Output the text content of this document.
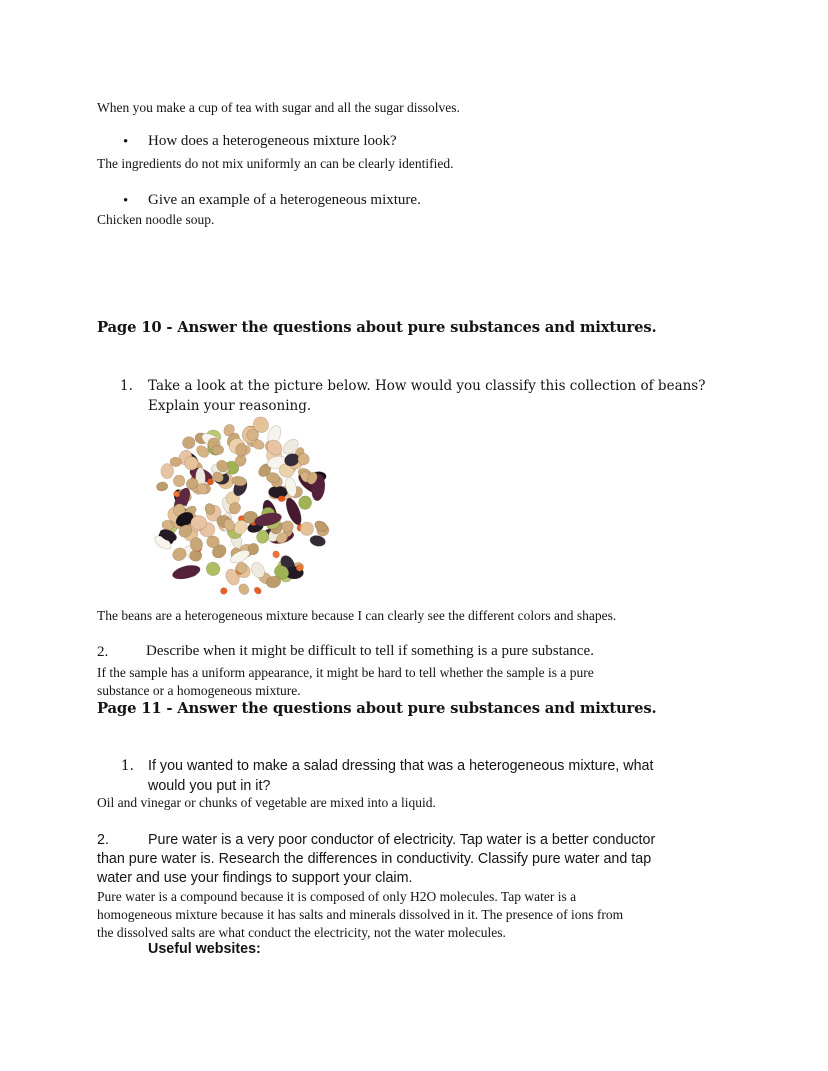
When you make a cup of tea with sugar and all the sugar dissolves.
• How does a heterogeneous mixture look?
The ingredients do not mix uniformly an can be clearly identified.
• Give an example of a heterogeneous mixture.
Chicken noodle soup.
Page 10 - Answer the questions about pure substances and mixtures.
1. Take a look at the picture below. How would you classify this collection of beans?
Explain your reasoning.
The beans are a heterogeneous mixture because I can clearly see the different colors and shapes.
2.	Describe when it might be difficult to tell if something is a pure substance.
If the sample has a uniform appearance, it might be hard to tell whether the sample is a pure
substance or a homogeneous mixture.
Page 11 - Answer the questions about pure substances and mixtures.
1. If you wanted to make a salad dressing that was a heterogeneous mixture, what
would you put in it?
Oil and vinegar or chunks of vegetable are mixed into a liquid.
2.	Pure water is a very poor conductor of electricity. Tap water is a better conductor
than pure water is. Research the differences in conductivity. Classify pure water and tap
water and use your findings to support your claim.
Pure water is a compound because it is composed of only H2O molecules. Tap water is a
homogeneous mixture because it has salts and minerals dissolved in it. The presence of ions from
the dissolved salts are what conduct the electricity, not the water molecules.
Useful websites:
